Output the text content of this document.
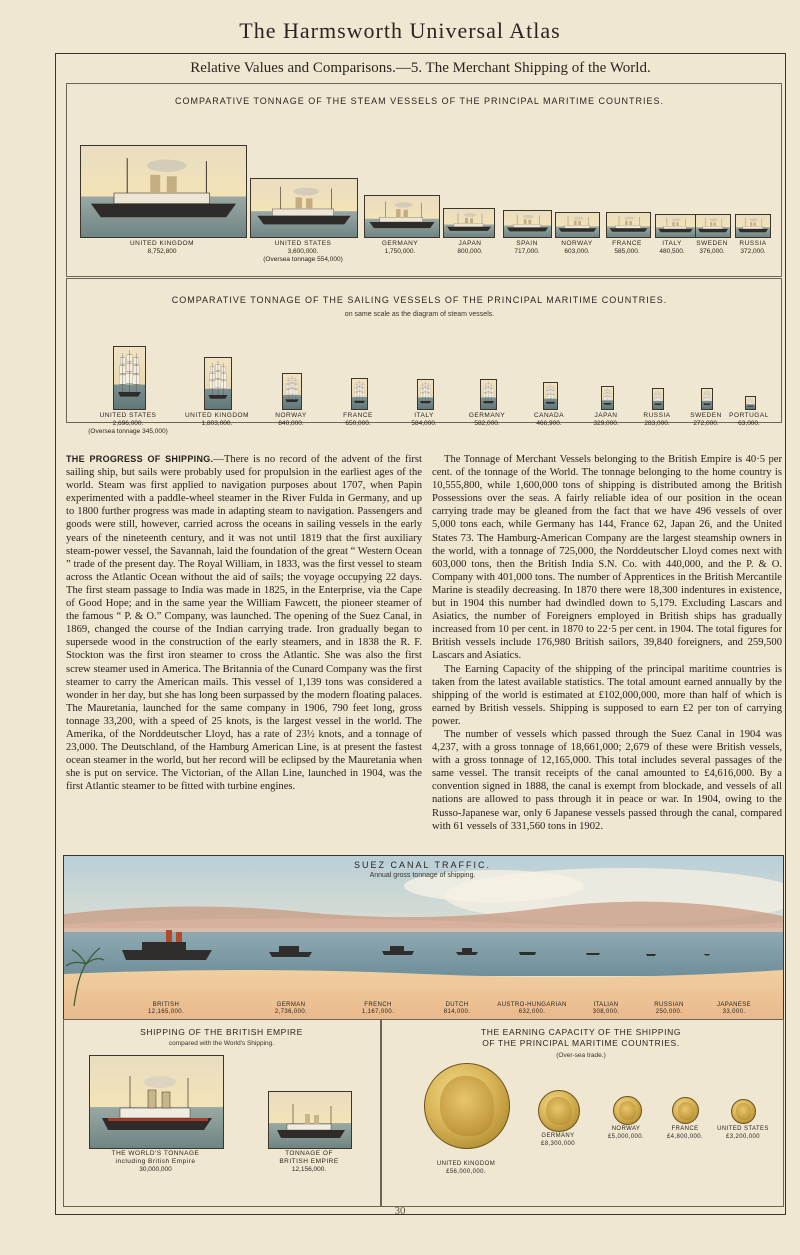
The Harmsworth Universal Atlas
Relative Values and Comparisons.—5. The Merchant Shipping of the World.
COMPARATIVE TONNAGE OF THE STEAM VESSELS OF THE PRINCIPAL MARITIME COUNTRIES.
UNITED KINGDOM
8,752,800
UNITED STATES
3,600,000.
(Oversea tonnage 554,000)
GERMANY
1,750,000.
JAPAN
800,000.
SPAIN
717,000.
NORWAY
603,000.
FRANCE
585,000.
ITALY
480,500.
SWEDEN
376,000.
RUSSIA
372,000.
COMPARATIVE TONNAGE OF THE SAILING VESSELS OF THE PRINCIPAL MARITIME COUNTRIES.
on same scale as the diagram of steam vessels.
UNITED STATES
2,696,000.
(Oversea tonnage 345,000)
UNITED KINGDOM
1,803,000.
NORWAY
840,000.
FRANCE
650,000.
ITALY
584,000.
GERMANY
582,000.
CANADA
466,900.
JAPAN
329,000.
RUSSIA
283,000.
SWEDEN
272,000.
PORTUGAL
63,000.

THE PROGRESS OF SHIPPING.—There is no record of the advent of the first sailing ship, but sails were probably used for propulsion in the earliest ages of the world. Steam was first applied to navigation purposes about 1707, when Papin experimented with a paddle-wheel steamer in the River Fulda in Germany, and up to 1800 further progress was made in adapting steam to navigation. Passengers and goods were still, however, carried across the oceans in sailing vessels in the early years of the nineteenth century, and it was not until 1819 that the first auxiliary steam-power vessel, the Savannah, laid the foundation of the great “ Western Ocean ” trade of the present day. The Royal William, in 1833, was the first vessel to steam across the Atlantic Ocean without the aid of sails; the voyage occupying 22 days. The first steam passage to India was made in 1825, in the Enterprise, via the Cape of Good Hope; and in the same year the William Fawcett, the pioneer steamer of the famous “ P. & O.” Company, was launched. The opening of the Suez Canal, in 1869, changed the course of the Indian carrying trade. Iron gradually began to supersede wood in the construction of the early steamers, and in 1838 the R. F. Stockton was the first iron steamer to cross the Atlantic. She was also the first screw steamer used in America. The Britannia of the Cunard Company was the first steamer to carry the American mails. This vessel of 1,139 tons was considered a wonder in her day, but she has long been surpassed by the modern floating palaces. The Mauretania, launched for the same company in 1906, 790 feet long, gross tonnage 33,200, with a speed of 25 knots, is the largest vessel in the world. The Amerika, of the Norddeutscher Lloyd, has a rate of 23½ knots, and a tonnage of 23,000. The Deutschland, of the Hamburg American Line, is at present the fastest ocean steamer in the world, but her record will be eclipsed by the Mauretania when she is put on service. The Victorian, of the Allan Line, launched in 1904, was the first Atlantic steamer to be fitted with turbine engines.

The Tonnage of Merchant Vessels belonging to the British Empire is 40·5 per cent. of the tonnage of the World. The tonnage belonging to the home country is 10,555,800, while 1,600,000 tons of shipping is distributed among the British Possessions over the seas. A fairly reliable idea of our position in the ocean carrying trade may be gleaned from the fact that we have 496 vessels of over 5,000 tons each, while Germany has 144, France 62, Japan 26, and the United States 73. The Hamburg-American Company are the largest steamship owners in the world, with a tonnage of 725,000, the Norddeutscher Lloyd comes next with 603,000 tons, then the British India S.N. Co. with 440,000, and the P. & O. Company with 401,000 tons. The number of Apprentices in the British Mercantile Marine is steadily decreasing. In 1870 there were 18,300 indentures in existence, but in 1904 this number had dwindled down to 5,179. Excluding Lascars and Asiatics, the number of Foreigners employed in British ships has gradually increased from 10 per cent. in 1870 to 22·5 per cent. in 1904. The total figures for British vessels include 176,980 British sailors, 39,840 foreigners, and 259,500 Lascars and Asiatics.

The Earning Capacity of the shipping of the principal maritime countries is taken from the latest available statistics. The total amount earned annually by the shipping of the world is estimated at £102,000,000, more than half of which is earned by British vessels. Shipping is supposed to earn £2 per ton of carrying power.

The number of vessels which passed through the Suez Canal in 1904 was 4,237, with a gross tonnage of 18,661,000; 2,679 of these were British vessels, with a gross tonnage of 12,165,000. This total includes several passages of the same vessel. The transit receipts of the canal amounted to £4,616,000. By a convention signed in 1888, the canal is exempt from blockade, and vessels of all nations are allowed to pass through it in peace or war. In 1904, owing to the Russo-Japanese war, only 6 Japanese vessels passed through the canal, compared with 61 vessels of 331,560 tons in 1902.

SUEZ CANAL TRAFFIC.
Annual gross tonnage of shipping.
BRITISH
12,165,000.
GERMAN
2,736,000.
FRENCH
1,167,000.
DUTCH
814,000.
AUSTRO-HUNGARIAN
632,000.
ITALIAN
308,000.
RUSSIAN
250,000.
JAPANESE
33,000.
SHIPPING OF THE BRITISH EMPIRE
compared with the World's Shipping.
THE WORLD'S TONNAGE
including British Empire
30,000,000
TONNAGE OF
BRITISH EMPIRE
12,156,000.
THE EARNING CAPACITY OF THE SHIPPING
OF THE PRINCIPAL MARITIME COUNTRIES.
(Over-sea trade.)
UNITED KINGDOM
£56,000,000.
GERMANY
£8,300,000
NORWAY
£5,000,000.
FRANCE
£4,800,000.
UNITED STATES
£3,200,000
30
